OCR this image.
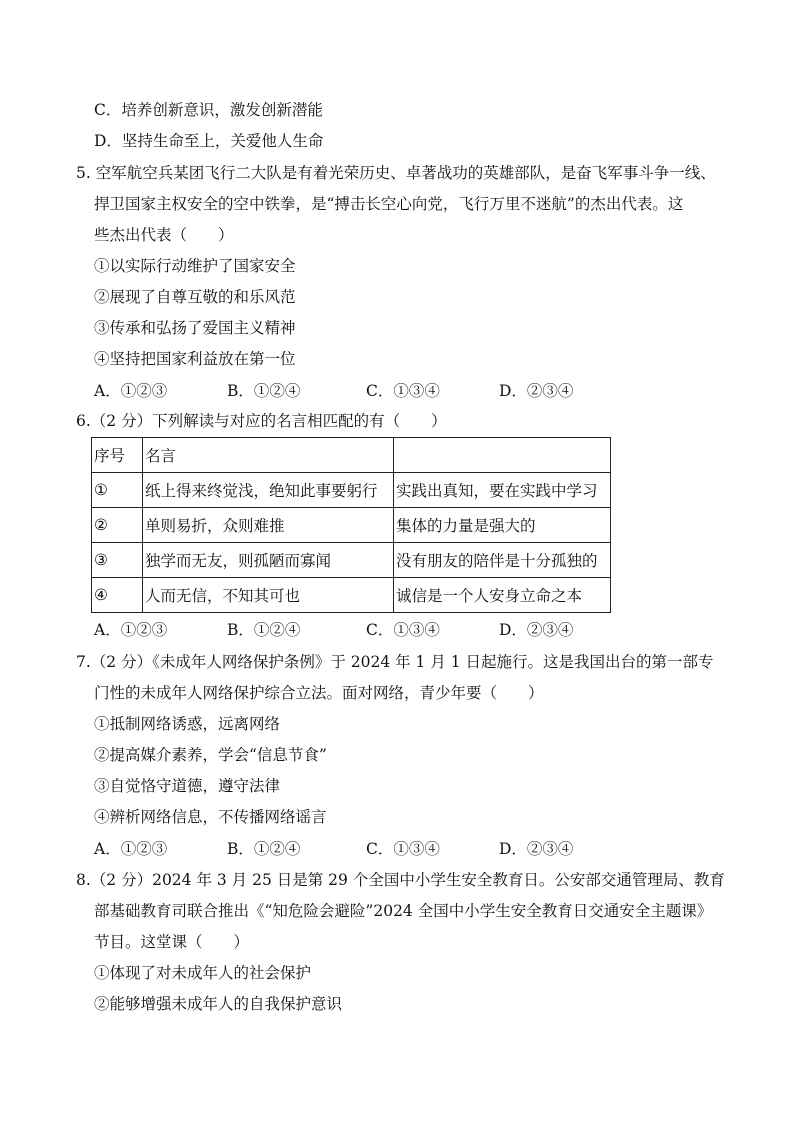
C．培养创新意识，激发创新潜能
D．坚持生命至上，关爱他人生命
5. 空军航空兵某团飞行二大队是有着光荣历史、卓著战功的英雄部队，是奋飞军事斗争一线、
捍卫国家主权安全的空中铁拳，是“搏击长空心向党，飞行万里不迷航”的杰出代表。这
些杰出代表（　　）
①以实际行动维护了国家安全
②展现了自尊互敬的和乐风范
③传承和弘扬了爱国主义精神
④坚持把国家利益放在第一位
A．①②③	B．①②④	C．①③④	D．②③④
6.（2 分）下列解读与对应的名言相匹配的有（　　）
序号	名言	
①	纸上得来终觉浅，绝知此事要躬行	实践出真知，要在实践中学习
②	单则易折，众则难推	集体的力量是强大的
③	独学而无友，则孤陋而寡闻	没有朋友的陪伴是十分孤独的
④	人而无信，不知其可也	诚信是一个人安身立命之本
A．①②③	B．①②④	C．①③④	D．②③④
7.（2 分）《未成年人网络保护条例》于 2024 年 1 月 1 日起施行。这是我国出台的第一部专
门性的未成年人网络保护综合立法。面对网络，青少年要（　　）
①抵制网络诱惑，远离网络
②提高媒介素养，学会“信息节食”
③自觉恪守道德，遵守法律
④辨析网络信息，不传播网络谣言
A．①②③	B．①②④	C．①③④	D．②③④
8.（2 分）2024 年 3 月 25 日是第 29 个全国中小学生安全教育日。公安部交通管理局、教育
部基础教育司联合推出《“知危险会避险”2024 全国中小学生安全教育日交通安全主题课》
节目。这堂课（　　）
①体现了对未成年人的社会保护
②能够增强未成年人的自我保护意识
